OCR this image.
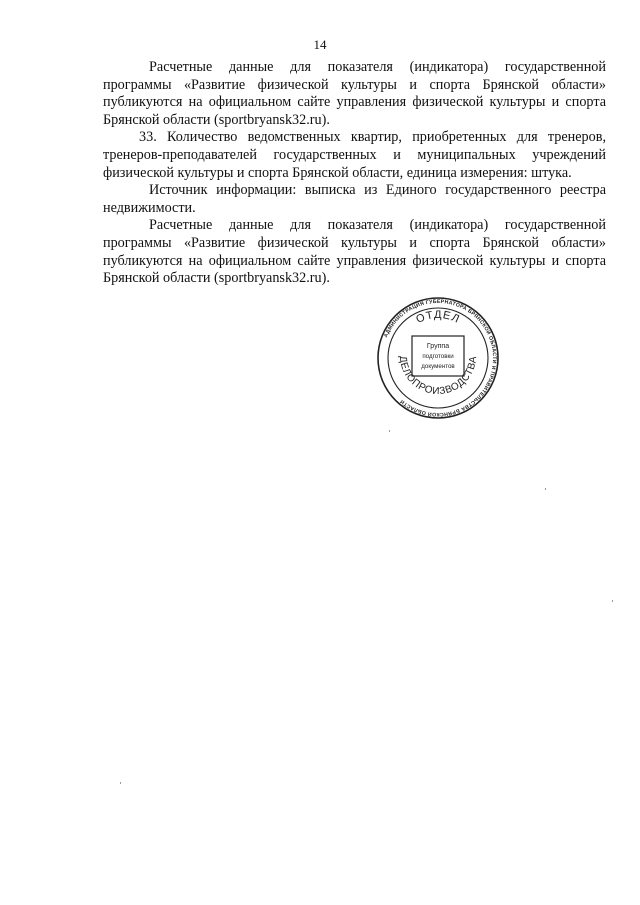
14

Расчетные данные для показателя (индикатора) государственной программы «Развитие физической культуры и спорта Брянской области» публикуются на официальном сайте управления физической культуры и спорта Брянской области (sportbryansk32.ru).

33. Количество ведомственных квартир, приобретенных для тренеров, тренеров-преподавателей государственных и муниципальных учреждений физической культуры и спорта Брянской области, единица измерения: штука.

Источник информации: выписка из Единого государственного реестра недвижимости.

Расчетные данные для показателя (индикатора) государственной программы «Развитие физической культуры и спорта Брянской области» публикуются на официальном сайте управления физической культуры и спорта Брянской области (sportbryansk32.ru).

АДМИНИСТРАЦИЯ ГУБЕРНАТОРА БРЯНСКОЙ ОБЛАСТИ И ПРАВИТЕЛЬСТВА БРЯНСКОЙ ОБЛАСТИ
ОТДЕЛ
ДЕЛОПРОИЗВОДСТВА
Группа
подготовки
документов
